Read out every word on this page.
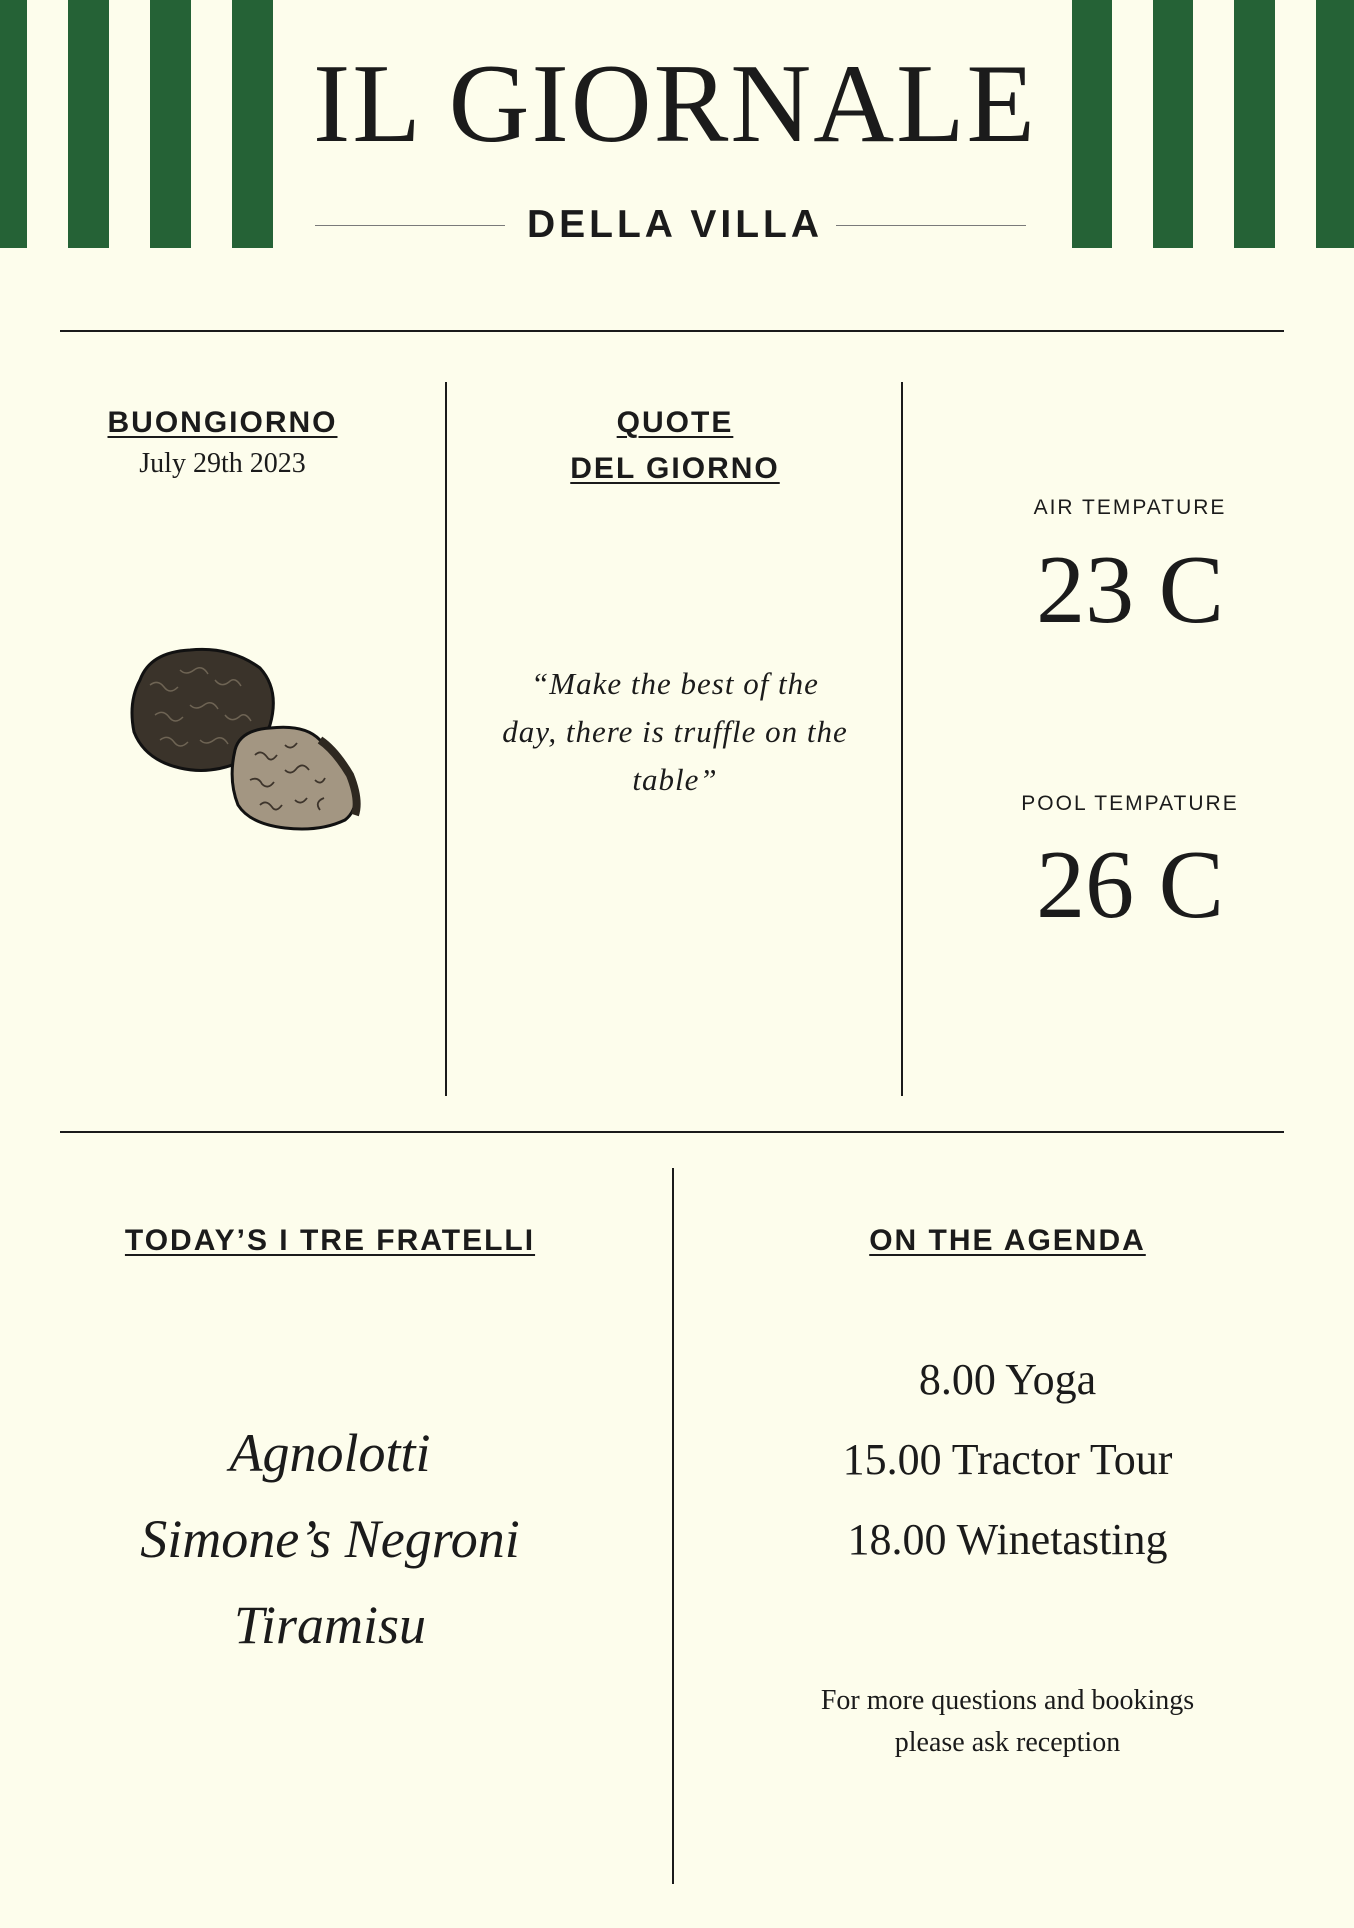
IL GIORNALE
DELLA VILLA
BUONGIORNO
July 29th 2023
QUOTE
DEL GIORNO
“Make the best of the
day, there is truffle on the
table”
AIR TEMPATURE
23 C
POOL TEMPATURE
26 C
TODAY’S I TRE FRATELLI
Agnolotti
Simone’s Negroni
Tiramisu
ON THE AGENDA
8.00 Yoga
15.00 Tractor Tour
18.00 Winetasting
For more questions and bookings
please ask reception
